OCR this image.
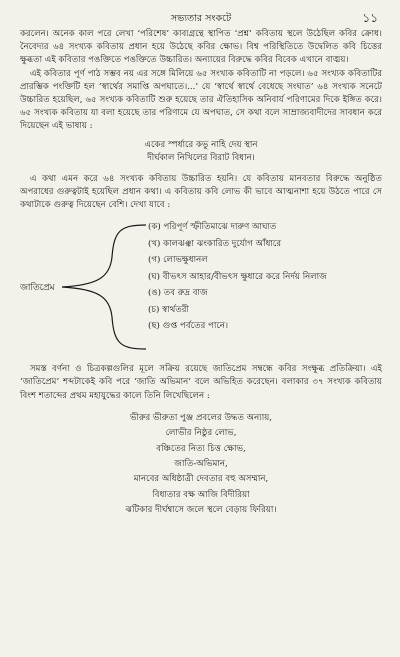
সভ্যতার সংকটে	১১

করলেন। অনেক কাল পরে লেখা ‘পরিশেষ’ কাব্যগ্রন্থে স্থাপিত ‘প্রশ্ন’ কবিতায় স্থলে উঠেছিল কবির ক্রোধ। নৈবেদ্যর ৬৪ সংখ্যক কবিতায় প্রধান হয়ে উঠেছে কবির ক্ষোভ। বিশ্ব পরিস্থিতিতে উদ্বেলিত কবি চিত্তের ক্ষুব্ধতা এই কবিতার পঙক্তিতে পঙক্তিতে উচ্চারিত। অন্যায়ের বিরুদ্ধে কবির বিবেক এখানে বাঙ্ময়।

এই কবিতার পূর্ণ পাঠ সম্ভব নয় এর সঙ্গে মিলিয়ে ৬৫ সংখ্যক কবিতাটি না পড়লে। ৬৫ সংখ্যক কবিতাটির প্রারম্ভিক পংক্তিটি হল ‘স্বার্থের সমাপ্তি অপঘাতে।...’ যে ‘স্বার্থে স্বার্থে বেধেছে সংঘাত’ ৬৪ সংখ্যক সনেটে উচ্চারিত হয়েছিল, ৬৫ সংখ্যক কবিতাটি শুরু হয়েছে তার ঐতিহাসিক অনিবার্য পরিণামের দিকে ইঙ্গিত করে। ৬৫ সংখ্যক কবিতায় যা বলা হয়েছে তার পরিণামে যে অপঘাত, সে কথা বলে সাম্রাজ্যবাদীদের সাবধান করে দিয়েছেন এই ভাষায় :

একের স্পর্ধারে কভু নাহি দেয় স্থান
দীর্ঘকাল নিখিলের বিরাট বিধান।

এ কথা এমন করে ৬৪ সংখ্যক কবিতায় উচ্চারিত হয়নি। যে কবিতায় মানবতার বিরুদ্ধে অনুষ্ঠিত অপরাধের গুরুত্বটাই হয়েছিল প্রধান কথা। এ কবিতায় কবি লোভ কী ভাবে আত্মনাশা হয়ে উঠতে পারে সে কথাটাকে গুরুত্ব দিয়েছেন বেশি। দেখা যাবে :

জাতিপ্রেম
(ক) পরিপূর্ণ স্ফীতিমাঝে দারুণ আঘাত
(খ) কালঝঞ্ঝা ঝংকারিত দুর্যোগ আঁধারে
(গ) লোভক্ষুধানল
(ঘ) বীভৎস আহার/বীভৎস ক্ষুধারে করে নির্দয় নিলাজ
(ঙ) তব রুদ্র বাজ
(চ) স্বার্থতরী
(ছ) গুপ্ত পর্বতের পানে।

সমস্ত বর্ণনা ও চিত্রকল্পগুলির মূলে সক্রিয় রয়েছে জাতিপ্রেম সম্বন্ধে কবির সংক্ষুব্ধ প্রতিক্রিয়া। এই ‘জাতিপ্রেম’ শব্দটাকেই কবি পরে ‘জাতি অভিমান’ বলে অভিহিত করেছেন। বলাকার ৩৭ সংখ্যক কবিতায় বিংশ শতাব্দের প্রথম মহাযুদ্ধের কালে তিনি লিখেছিলেন :

ভীরুর ভীরুতা পুঞ্জ প্রবলের উদ্ধত অন্যায়,
লোভীর নিষ্ঠুর লোভ,
বঞ্চিতের নিত্য চিত্ত ক্ষোভ,
জাতি-অভিমান,
মানবের অধিষ্ঠাত্রী দেবতার বহু অসম্মান,
বিধাতার বক্ষ আজি বিদীরিয়া
ঝটিকার দীর্ঘশ্বাসে জলে স্থলে বেড়ায় ফিরিয়া।
